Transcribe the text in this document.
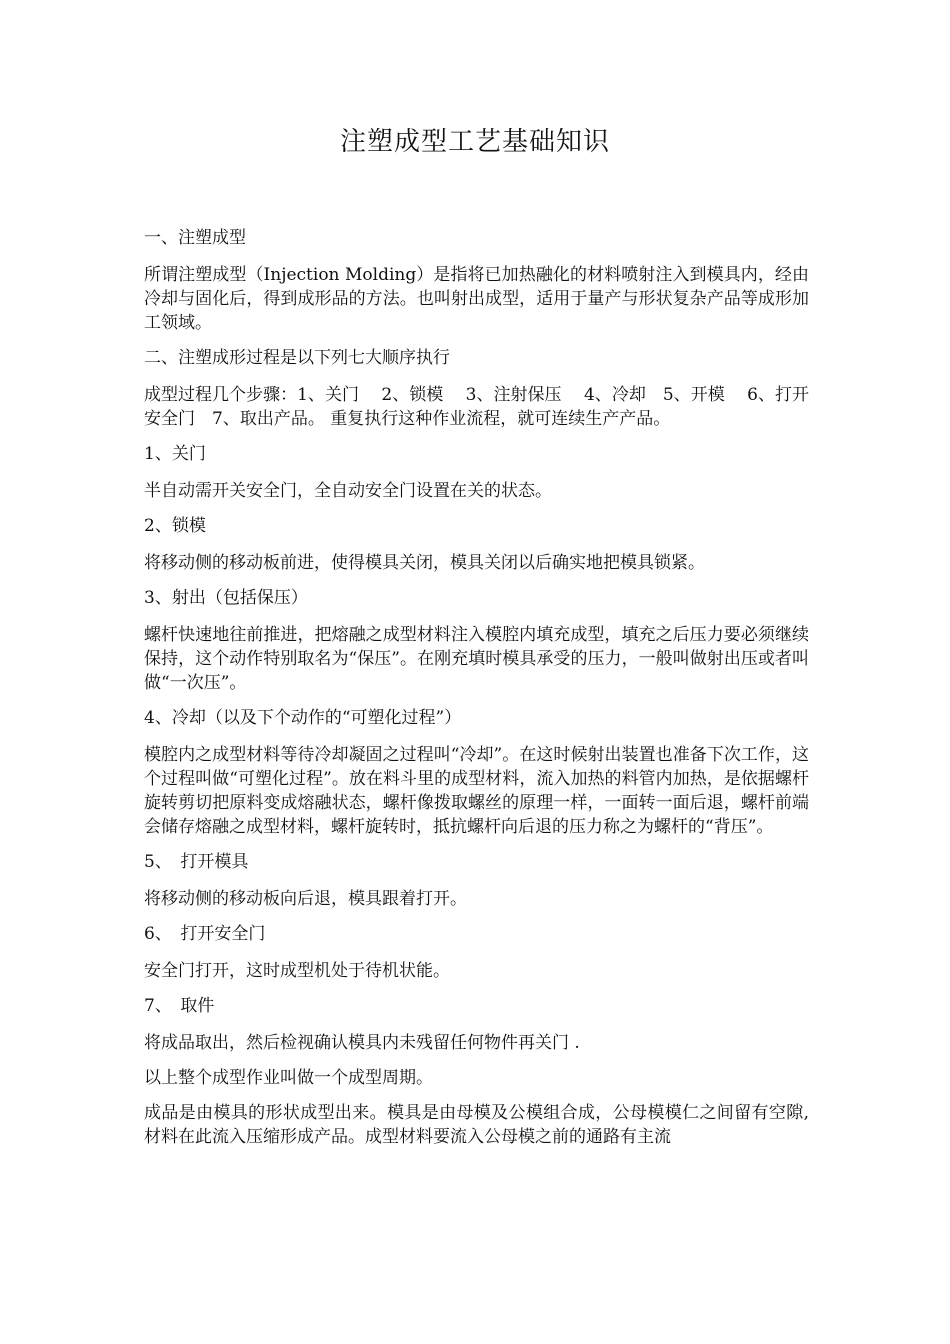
注塑成型工艺基础知识

一、注塑成型

所谓注塑成型（Injection Molding）是指将已加热融化的材料喷射注入到模具内，经由冷却与固化后，得到成形品的方法。也叫射出成型，适用于量产与形状复杂产品等成形加工领域。

二、注塑成形过程是以下列七大顺序执行

成型过程几个步骤：1、关门　 2、锁模　 3、注射保压　 4、冷却　5、开模　 6、打开安全门　7、取出产品。 重复执行这种作业流程，就可连续生产产品。

1、关门

半自动需开关安全门，全自动安全门设置在关的状态。

2、锁模

将移动侧的移动板前进，使得模具关闭，模具关闭以后确实地把模具锁紧。

3、射出（包括保压）

螺杆快速地往前推进，把熔融之成型材料注入模腔内填充成型，填充之后压力要必须继续保持，这个动作特别取名为“保压”。在刚充填时模具承受的压力，一般叫做射出压或者叫做“一次压”。

4、冷却（以及下个动作的“可塑化过程”）

模腔内之成型材料等待冷却凝固之过程叫“冷却”。在这时候射出装置也准备下次工作，这个过程叫做“可塑化过程”。放在料斗里的成型材料，流入加热的料管内加热，是依据螺杆旋转剪切把原料变成熔融状态，螺杆像拨取螺丝的原理一样，一面转一面后退，螺杆前端会储存熔融之成型材料，螺杆旋转时，抵抗螺杆向后退的压力称之为螺杆的“背压”。

5、　打开模具

将移动侧的移动板向后退，模具跟着打开。

6、　打开安全门

安全门打开，这时成型机处于待机状能。

7、　取件

将成品取出，然后检视确认模具内未残留任何物件再关门 .

以上整个成型作业叫做一个成型周期。

成品是由模具的形状成型出来。模具是由母模及公模组合成，公母模模仁之间留有空隙,材料在此流入压缩形成产品。成型材料要流入公母模之前的通路有主流
